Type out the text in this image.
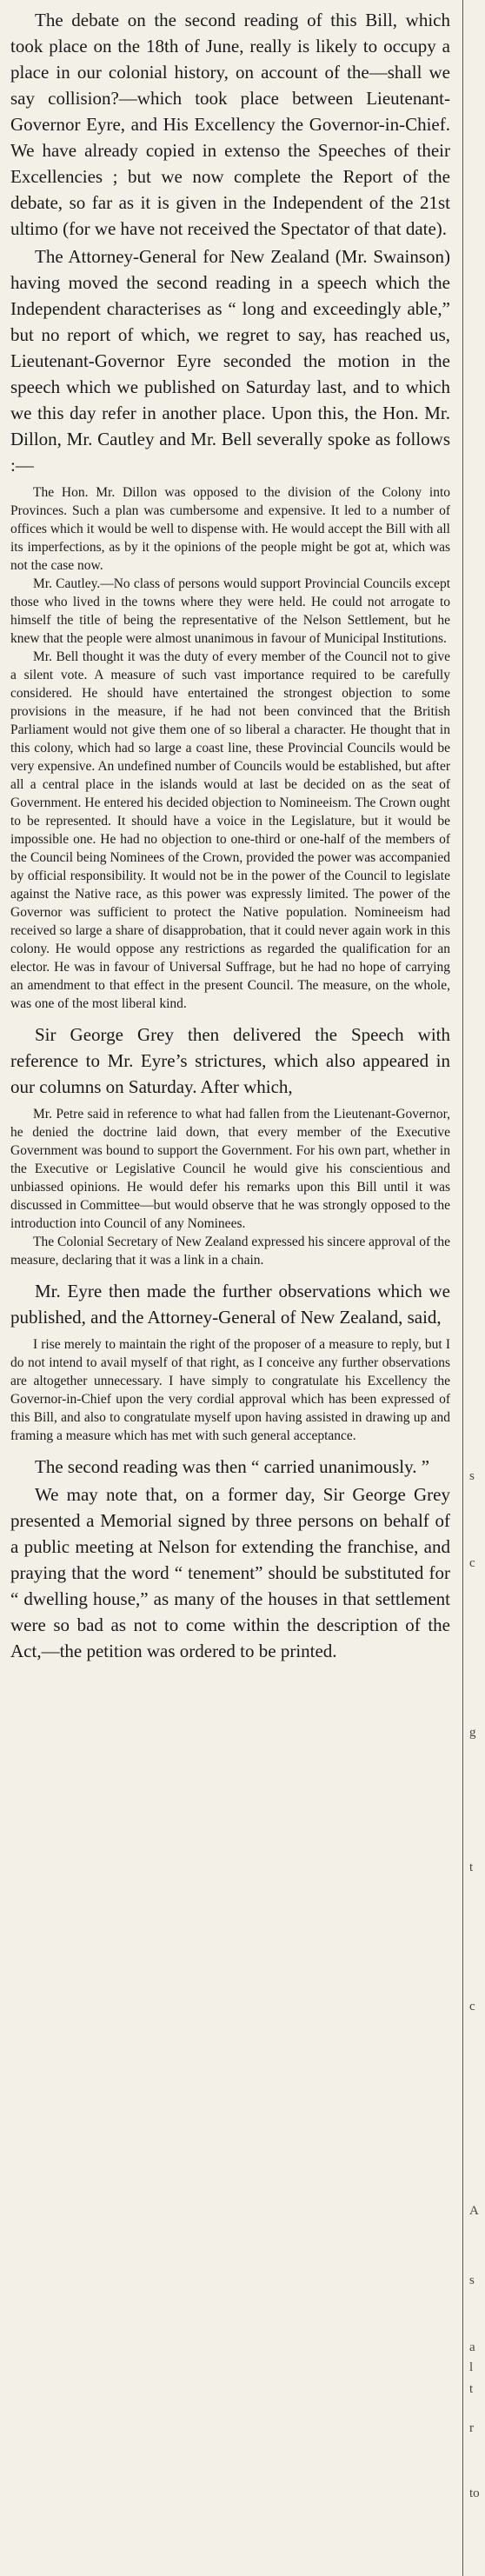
The debate on the second reading of this Bill, which took place on the 18th of June, really is likely to occupy a place in our colonial history, on account of the—shall we say collision?—which took place between Lieutenant-Governor Eyre, and His Excellency the Governor-in-Chief. We have already copied in extenso the Speeches of their Excellencies ; but we now complete the Report of the debate, so far as it is given in the Independent of the 21st ultimo (for we have not received the Spectator of that date).

The Attorney-General for New Zealand (Mr. Swainson) having moved the second reading in a speech which the Independent characterises as “ long and exceedingly able,” but no report of which, we regret to say, has reached us, Lieutenant-Governor Eyre seconded the motion in the speech which we published on Saturday last, and to which we this day refer in another place. Upon this, the Hon. Mr. Dillon, Mr. Cautley and Mr. Bell severally spoke as follows :—

The Hon. Mr. Dillon was opposed to the division of the Colony into Provinces. Such a plan was cumbersome and expensive. It led to a number of offices which it would be well to dispense with. He would accept the Bill with all its imperfections, as by it the opinions of the people might be got at, which was not the case now.

Mr. Cautley.—No class of persons would support Provincial Councils except those who lived in the towns where they were held. He could not arrogate to himself the title of being the representative of the Nelson Settlement, but he knew that the people were almost unanimous in favour of Municipal Institutions.

Mr. Bell thought it was the duty of every member of the Council not to give a silent vote. A measure of such vast importance required to be carefully considered. He should have entertained the strongest objection to some provisions in the measure, if he had not been convinced that the British Parliament would not give them one of so liberal a character. He thought that in this colony, which had so large a coast line, these Provincial Councils would be very expensive. An undefined number of Councils would be established, but after all a central place in the islands would at last be decided on as the seat of Government. He entered his decided objection to Nomineeism. The Crown ought to be represented. It should have a voice in the Legislature, but it would be impossible one. He had no objection to one-third or one-half of the members of the Council being Nominees of the Crown, provided the power was accompanied by official responsibility. It would not be in the power of the Council to legislate against the Native race, as this power was expressly limited. The power of the Governor was sufficient to protect the Native population. Nomineeism had received so large a share of disapprobation, that it could never again work in this colony. He would oppose any restrictions as regarded the qualification for an elector. He was in favour of Universal Suffrage, but he had no hope of carrying an amendment to that effect in the present Council. The measure, on the whole, was one of the most liberal kind.

Sir George Grey then delivered the Speech with reference to Mr. Eyre’s strictures, which also appeared in our columns on Saturday. After which,

Mr. Petre said in reference to what had fallen from the Lieutenant-Governor, he denied the doctrine laid down, that every member of the Executive Government was bound to support the Government. For his own part, whether in the Executive or Legislative Council he would give his conscientious and unbiassed opinions. He would defer his remarks upon this Bill until it was discussed in Committee—but would observe that he was strongly opposed to the introduction into Council of any Nominees.

The Colonial Secretary of New Zealand expressed his sincere approval of the measure, declaring that it was a link in a chain.

Mr. Eyre then made the further observations which we published, and the Attorney-General of New Zealand, said,

I rise merely to maintain the right of the proposer of a measure to reply, but I do not intend to avail myself of that right, as I conceive any further observations are altogether unnecessary. I have simply to congratulate his Excellency the Governor-in-Chief upon the very cordial approval which has been expressed of this Bill, and also to congratulate myself upon having assisted in drawing up and framing a measure which has met with such general acceptance.

The second reading was then “ carried unanimously. ”

We may note that, on a former day, Sir George Grey presented a Memorial signed by three persons on behalf of a public meeting at Nelson for extending the franchise, and praying that the word “ tenement” should be substituted for “ dwelling house,” as many of the houses in that settlement were so bad as not to come within the description of the Act,—the petition was ordered to be printed.

s
c
g
t
c
A
s
a
l
t
r
to
